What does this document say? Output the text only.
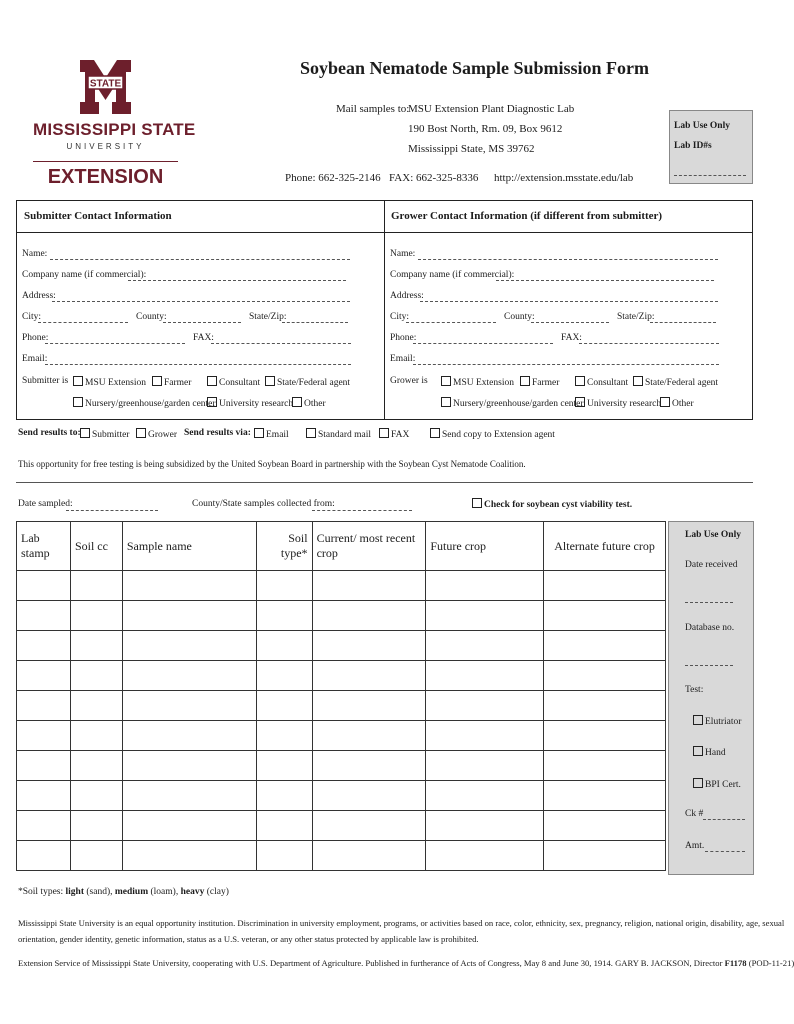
STATE
MISSISSIPPI STATE
UNIVERSITY
EXTENSION
Soybean Nematode Sample Submission Form
Mail samples to:
MSU Extension Plant Diagnostic Lab
190 Bost North, Rm. 09, Box 9612
Mississippi State, MS 39762
Phone: 662-325-2146 FAX: 662-325-8336 http://extension.msstate.edu/lab
Lab Use Only
Lab ID#s
Submitter Contact Information	Grower Contact Information (if different from submitter)
Name:
Company name (if commercial):
Address:
City:	County:	State/Zip:
Phone:	FAX:
Email:
Submitter is	MSU Extension	Farmer	Consultant	State/Federal agent
Nursery/greenhouse/garden center University research	Other
Name:
Company name (if commercial):
Address:
City:	County:	State/Zip:
Phone:	FAX:
Email:
Grower is	MSU Extension	Farmer	Consultant	State/Federal agent
Nursery/greenhouse/garden center University research	Other
Send results to:	Submitter	Grower Send results via:	Email	Standard mail	FAX	Send copy to Extension agent
This opportunity for free testing is being subsidized by the United Soybean Board in partnership with the Soybean Cyst Nematode Coalition.
Date sampled:	County/State samples collected from:	Check for soybean cyst viability test.
Lab stamp	Soil cc	Sample name	Soil type*	Current/ most recent crop	Future crop	Alternate future crop

Lab Use Only
Date received
Database no.
Test:
Elutriator
Hand
BPI Cert.
Ck #
Amt.
*Soil types: light (sand), medium (loam), heavy (clay)
Mississippi State University is an equal opportunity institution. Discrimination in university employment, programs, or activities based on race, color, ethnicity, sex, pregnancy, religion, national origin, disability, age, sexual
orientation, gender identity, genetic information, status as a U.S. veteran, or any other status protected by applicable law is prohibited.
Extension Service of Mississippi State University, cooperating with U.S. Department of Agriculture. Published in furtherance of Acts of Congress, May 8 and June 30, 1914. GARY B. JACKSON, Director F1178 (POD-11-21)
